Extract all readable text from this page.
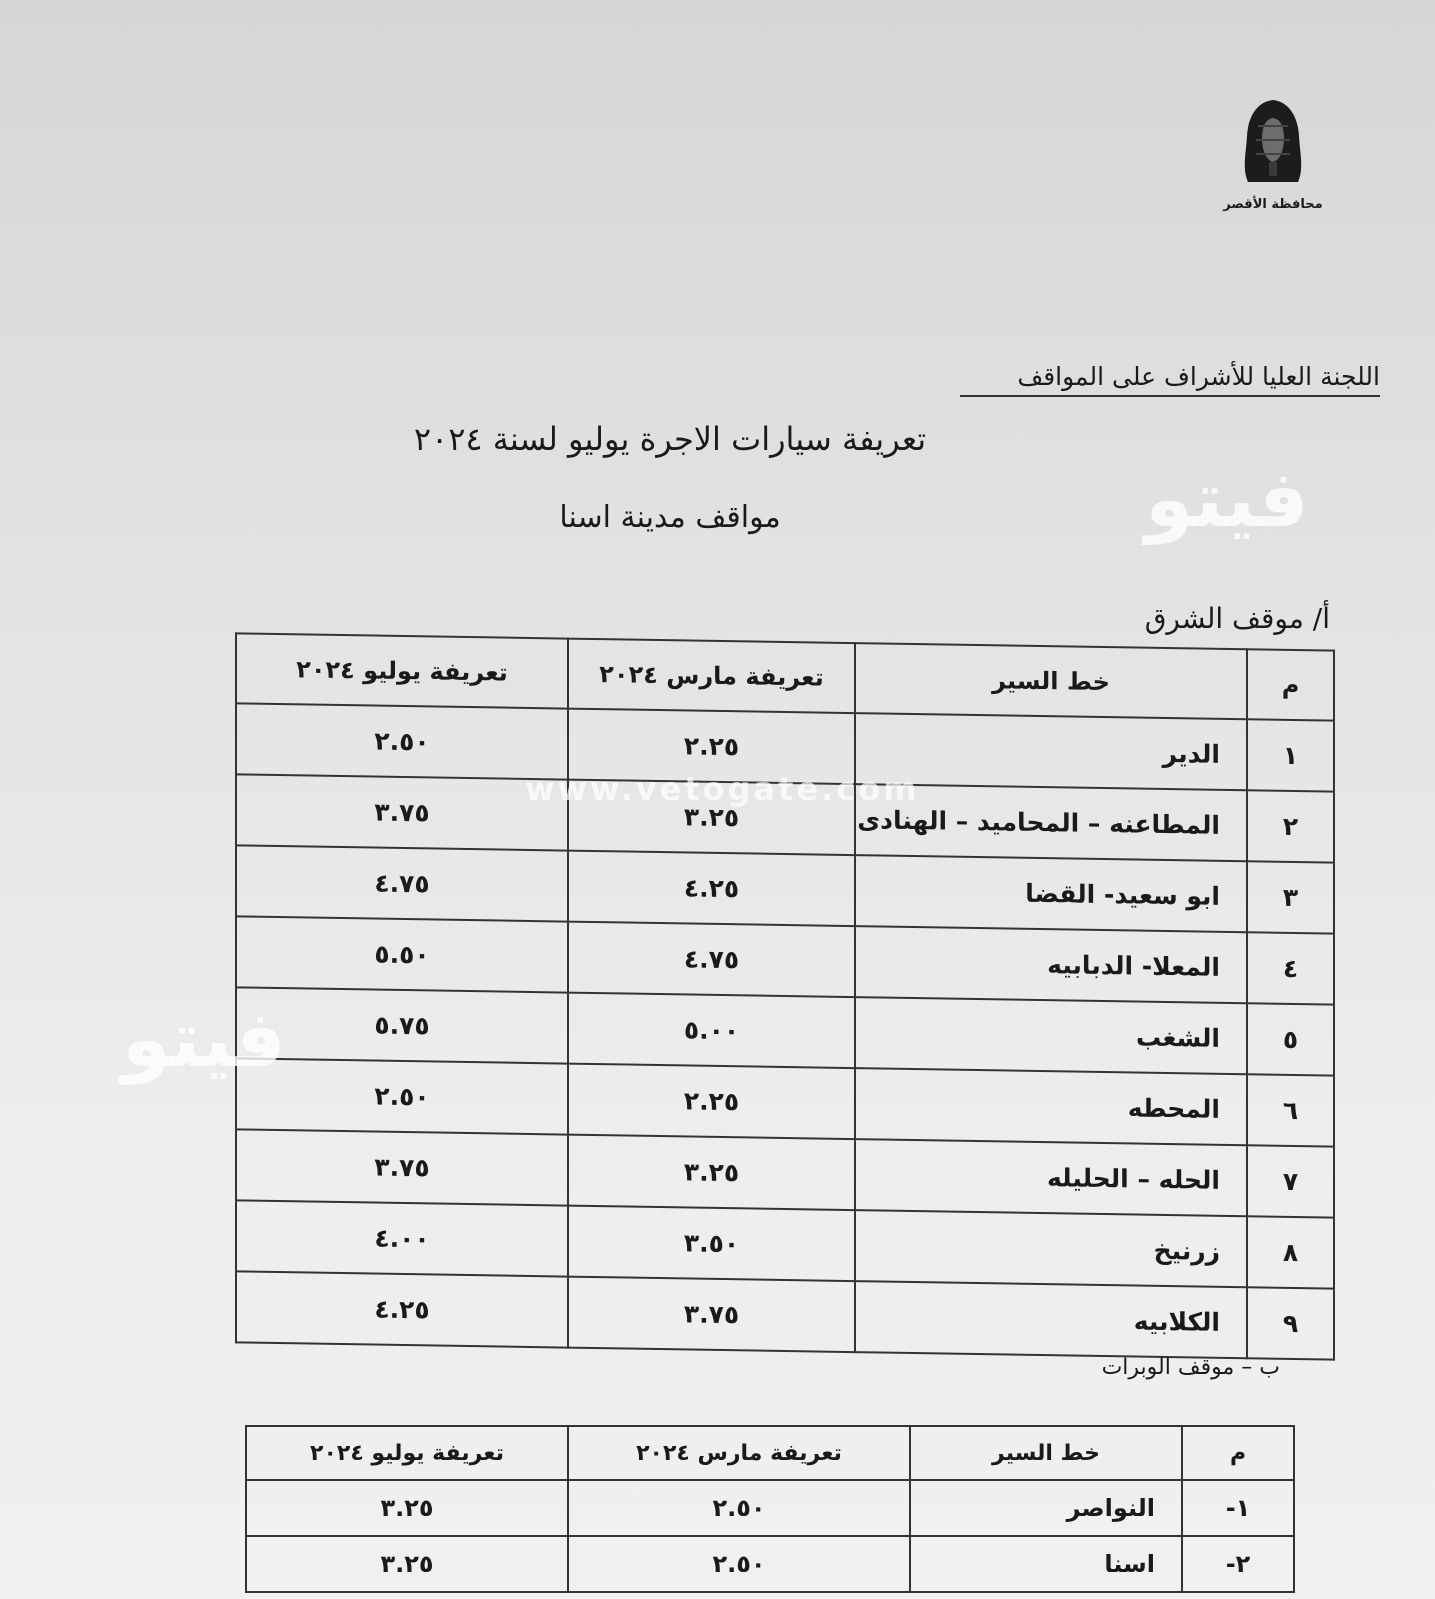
محافظة الأقصر
اللجنة العليا للأشراف على المواقف
تعريفة سيارات الاجرة يوليو لسنة ٢٠٢٤
مواقف مدينة اسنا
أ/ موقف الشرق
م	خط السير	تعريفة مارس ٢٠٢٤	تعريفة يوليو ٢٠٢٤
١	الدير	٢.٢٥	٢.٥٠
٢	المطاعنه – المحاميد – الهنادى	٣.٢٥	٣.٧٥
٣	ابو سعيد- القضا	٤.٢٥	٤.٧٥
٤	المعلا- الدبابيه	٤.٧٥	٥.٥٠
٥	الشغب	٥.٠٠	٥.٧٥
٦	المحطه	٢.٢٥	٢.٥٠
٧	الحله – الحليله	٣.٢٥	٣.٧٥
٨	زرنيخ	٣.٥٠	٤.٠٠
٩	الكلابيه	٣.٧٥	٤.٢٥
ب – موقف الوبرات
م	خط السير	تعريفة مارس ٢٠٢٤	تعريفة يوليو ٢٠٢٤
١-	النواصر	٢.٥٠	٣.٢٥
٢-	اسنا	٢.٥٠	٣.٢٥
فيتو
فيتو
www.vetogate.com
